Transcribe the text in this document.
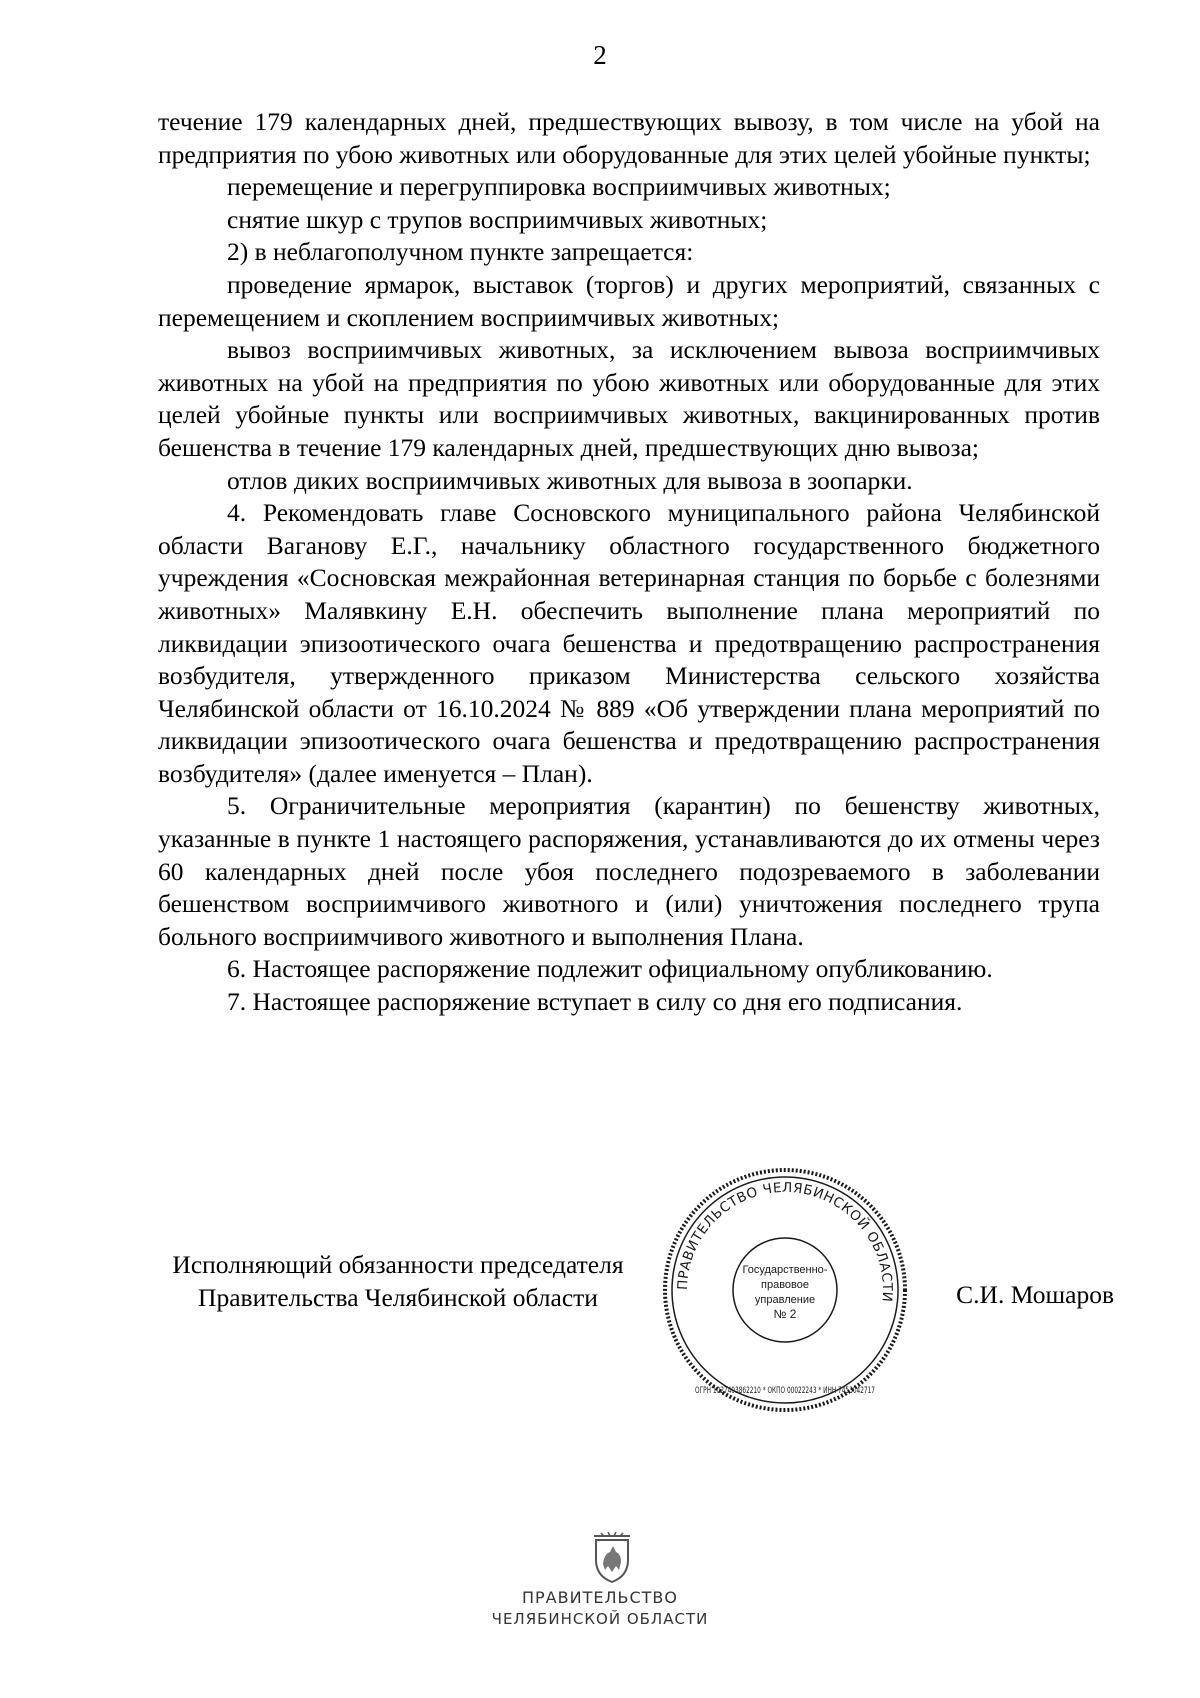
2

течение 179 календарных дней, предшествующих вывозу, в том числе на убой на предприятия по убою животных или оборудованные для этих целей убойные пункты;

перемещение и перегруппировка восприимчивых животных;

снятие шкур с трупов восприимчивых животных;

2) в неблагополучном пункте запрещается:

проведение ярмарок, выставок (торгов) и других мероприятий, связанных с перемещением и скоплением восприимчивых животных;

вывоз восприимчивых животных, за исключением вывоза восприимчивых животных на убой на предприятия по убою животных или оборудованные для этих целей убойные пункты или восприимчивых животных, вакцинированных против бешенства в течение 179 календарных дней, предшествующих дню вывоза;

отлов диких восприимчивых животных для вывоза в зоопарки.

4. Рекомендовать главе Сосновского муниципального района Челябинской области Ваганову Е.Г., начальнику областного государственного бюджетного учреждения «Сосновская межрайонная ветеринарная станция по борьбе с болезнями животных» Малявкину Е.Н. обеспечить выполнение плана мероприятий по ликвидации эпизоотического очага бешенства и предотвращению распространения возбудителя, утвержденного приказом Министерства сельского хозяйства Челябинской области от 16.10.2024 № 889 «Об утверждении плана мероприятий по ликвидации эпизоотического очага бешенства и предотвращению распространения возбудителя» (далее именуется – План).

5. Ограничительные мероприятия (карантин) по бешенству животных, указанные в пункте 1 настоящего распоряжения, устанавливаются до их отмены через 60 календарных дней после убоя последнего подозреваемого в заболевании бешенством восприимчивого животного и (или) уничтожения последнего трупа больного восприимчивого животного и выполнения Плана.

6. Настоящее распоряжение подлежит официальному опубликованию.

7. Настоящее распоряжение вступает в силу со дня его подписания.

Исполняющий обязанности председателя
Правительства Челябинской области	С.И. Мошаров
ПРАВИТЕЛЬСТВО ЧЕЛЯБИНСКОЙ ОБЛАСТИ
ОГРН 1027403862210 * ОКПО 00022243 * ИНН 7453042717
Государственно-
правовое
управление
№ 2
ПРАВИТЕЛЬСТВО
ЧЕЛЯБИНСКОЙ ОБЛАСТИ
